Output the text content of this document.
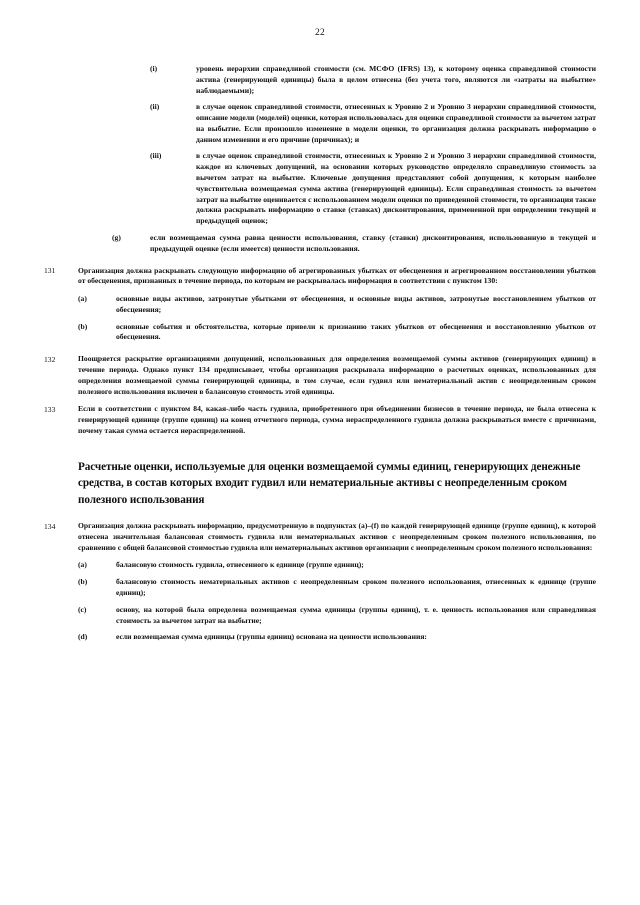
22
(i)	уровень иерархии справедливой стоимости (см. МСФО (IFRS) 13), к которому оценка справедливой стоимости актива (генерирующей единицы) была в целом отнесена (без учета того, являются ли «затраты на выбытие» наблюдаемыми);
(ii)	в случае оценок справедливой стоимости, отнесенных к Уровню 2 и Уровню 3 иерархии справедливой стоимости, описание модели (моделей) оценки, которая использовалась для оценки справедливой стоимости за вычетом затрат на выбытие. Если произошло изменение в модели оценки, то организация должна раскрывать информацию о данном изменении и его причине (причинах); и
(iii)	в случае оценок справедливой стоимости, отнесенных к Уровню 2 и Уровню 3 иерархии справедливой стоимости, каждое из ключевых допущений, на основании которых руководство определяло справедливую стоимость за вычетом затрат на выбытие. Ключевые допущения представляют собой допущения, к которым наиболее чувствительна возмещаемая сумма актива (генерирующей единицы). Если справедливая стоимость за вычетом затрат на выбытие оценивается с использованием модели оценки по приведенной стоимости, то организация также должна раскрывать информацию о ставке (ставках) дисконтирования, примененной при определении текущей и предыдущей оценок;
(g)	если возмещаемая сумма равна ценности использования, ставку (ставки) дисконтирования, использованную в текущей и предыдущей оценке (если имеется) ценности использования.
131	Организация должна раскрывать следующую информацию об агрегированных убытках от обесценения и агрегированном восстановлении убытков от обесценения, признанных в течение периода, по которым не раскрывалась информация в соответствии с пунктом 130:
(a)	основные виды активов, затронутые убытками от обесценения, и основные виды активов, затронутые восстановлением убытков от обесценения;
(b)	основные события и обстоятельства, которые привели к признанию таких убытков от обесценения и восстановлению убытков от обесценения.
132	Поощряется раскрытие организациями допущений, использованных для определения возмещаемой суммы активов (генерирующих единиц) в течение периода. Однако пункт 134 предписывает, чтобы организация раскрывала информацию о расчетных оценках, использованных для определения возмещаемой суммы генерирующей единицы, в том случае, если гудвил или нематериальный актив с неопределенным сроком полезного использования включен в балансовую стоимость этой единицы.
133	Если в соответствии с пунктом 84, какая-либо часть гудвила, приобретенного при объединении бизнесов в течение периода, не была отнесена к генерирующей единице (группе единиц) на конец отчетного периода, сумма нераспределенного гудвила должна раскрываться вместе с причинами, почему такая сумма остается нераспределенной.
Расчетные оценки, используемые для оценки возмещаемой суммы единиц, генерирующих денежные средства, в состав которых входит гудвил или нематериальные активы с неопределенным сроком полезного использования
134	Организация должна раскрывать информацию, предусмотренную в подпунктах (a)–(f) по каждой генерирующей единице (группе единиц), к которой отнесена значительная балансовая стоимость гудвила или нематериальных активов с неопределенным сроком полезного использования, по сравнению с общей балансовой стоимостью гудвила или нематериальных активов организации с неопределенным сроком полезного использования:
(a)	балансовую стоимость гудвила, отнесенного к единице (группе единиц);
(b)	балансовую стоимость нематериальных активов с неопределенным сроком полезного использования, отнесенных к единице (группе единиц);
(c)	основу, на которой была определена возмещаемая сумма единицы (группы единиц), т. е. ценность использования или справедливая стоимость за вычетом затрат на выбытие;
(d)	если возмещаемая сумма единицы (группы единиц) основана на ценности использования:
